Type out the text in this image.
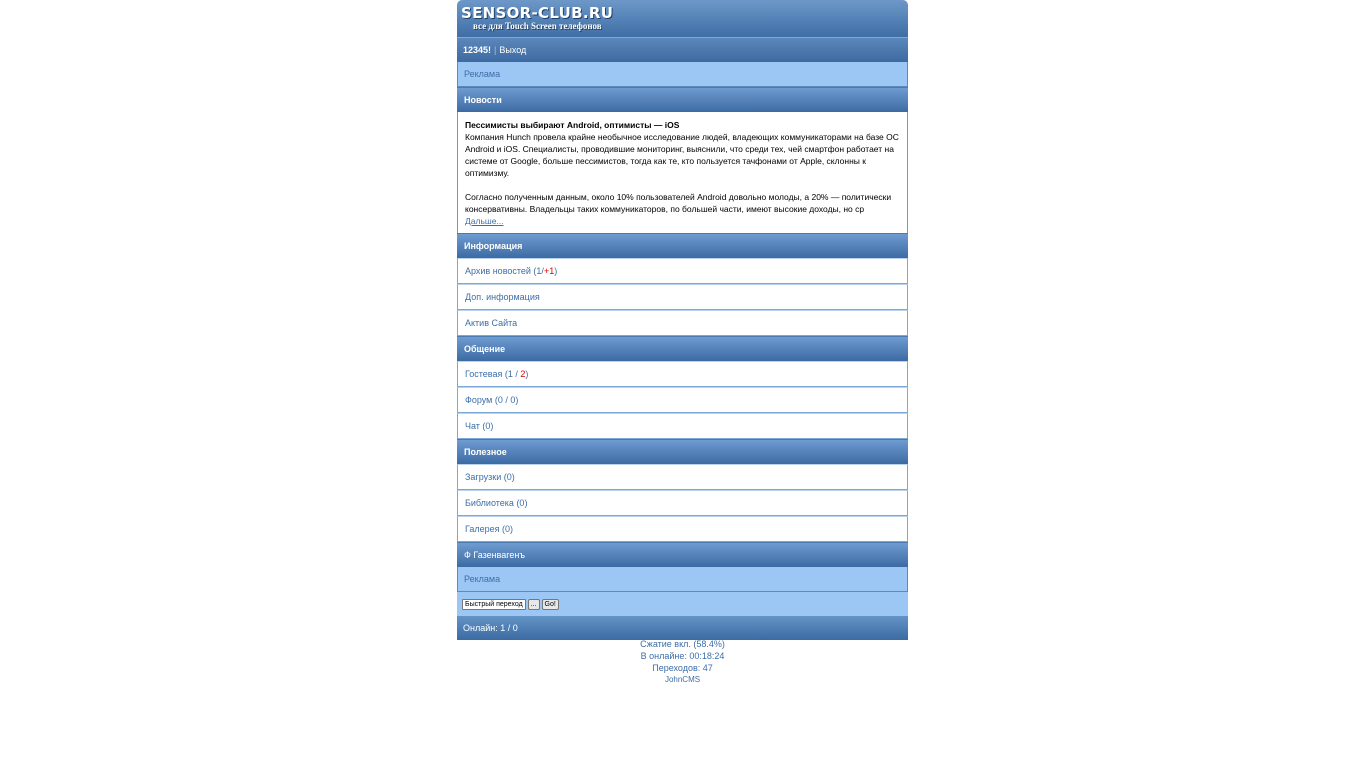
SENSOR-CLUB.RU
все для Touch Screen телефонов
12345! | Выход
Реклама
Новости
Пессимисты выбирают Android, оптимисты — iOS
Компания Hunch провела крайне необычное исследование людей, владеющих коммуникаторами на базе ОС Android и iOS. Специалисты, проводившие мониторинг, выяснили, что среди тех, чей смартфон работает на системе от Google, больше пессимистов, тогда как те, кто пользуется тачфонами от Apple, склонны к оптимизму.
Согласно полученным данным, около 10% пользователей Android довольно молоды, а 20% — политически консервативны. Владельцы таких коммуникаторов, по большей части, имеют высокие доходы, но ср Дальше...
Информация
Архив новостей (1/+1)
Доп. информация
Актив Сайта
Общение
Гостевая (1 / 2)
Форум (0 / 0)
Чат (0)
Полезное
Загрузки (0)
Библиотека (0)
Галерея (0)
Ф Газенвагенъ
Реклама
Быстрый переход	...	Go!
Онлайн: 1 / 0
Сжатие вкл. (58.4%)
В онлайне: 00:18:24
Переходов: 47
JohnCMS
